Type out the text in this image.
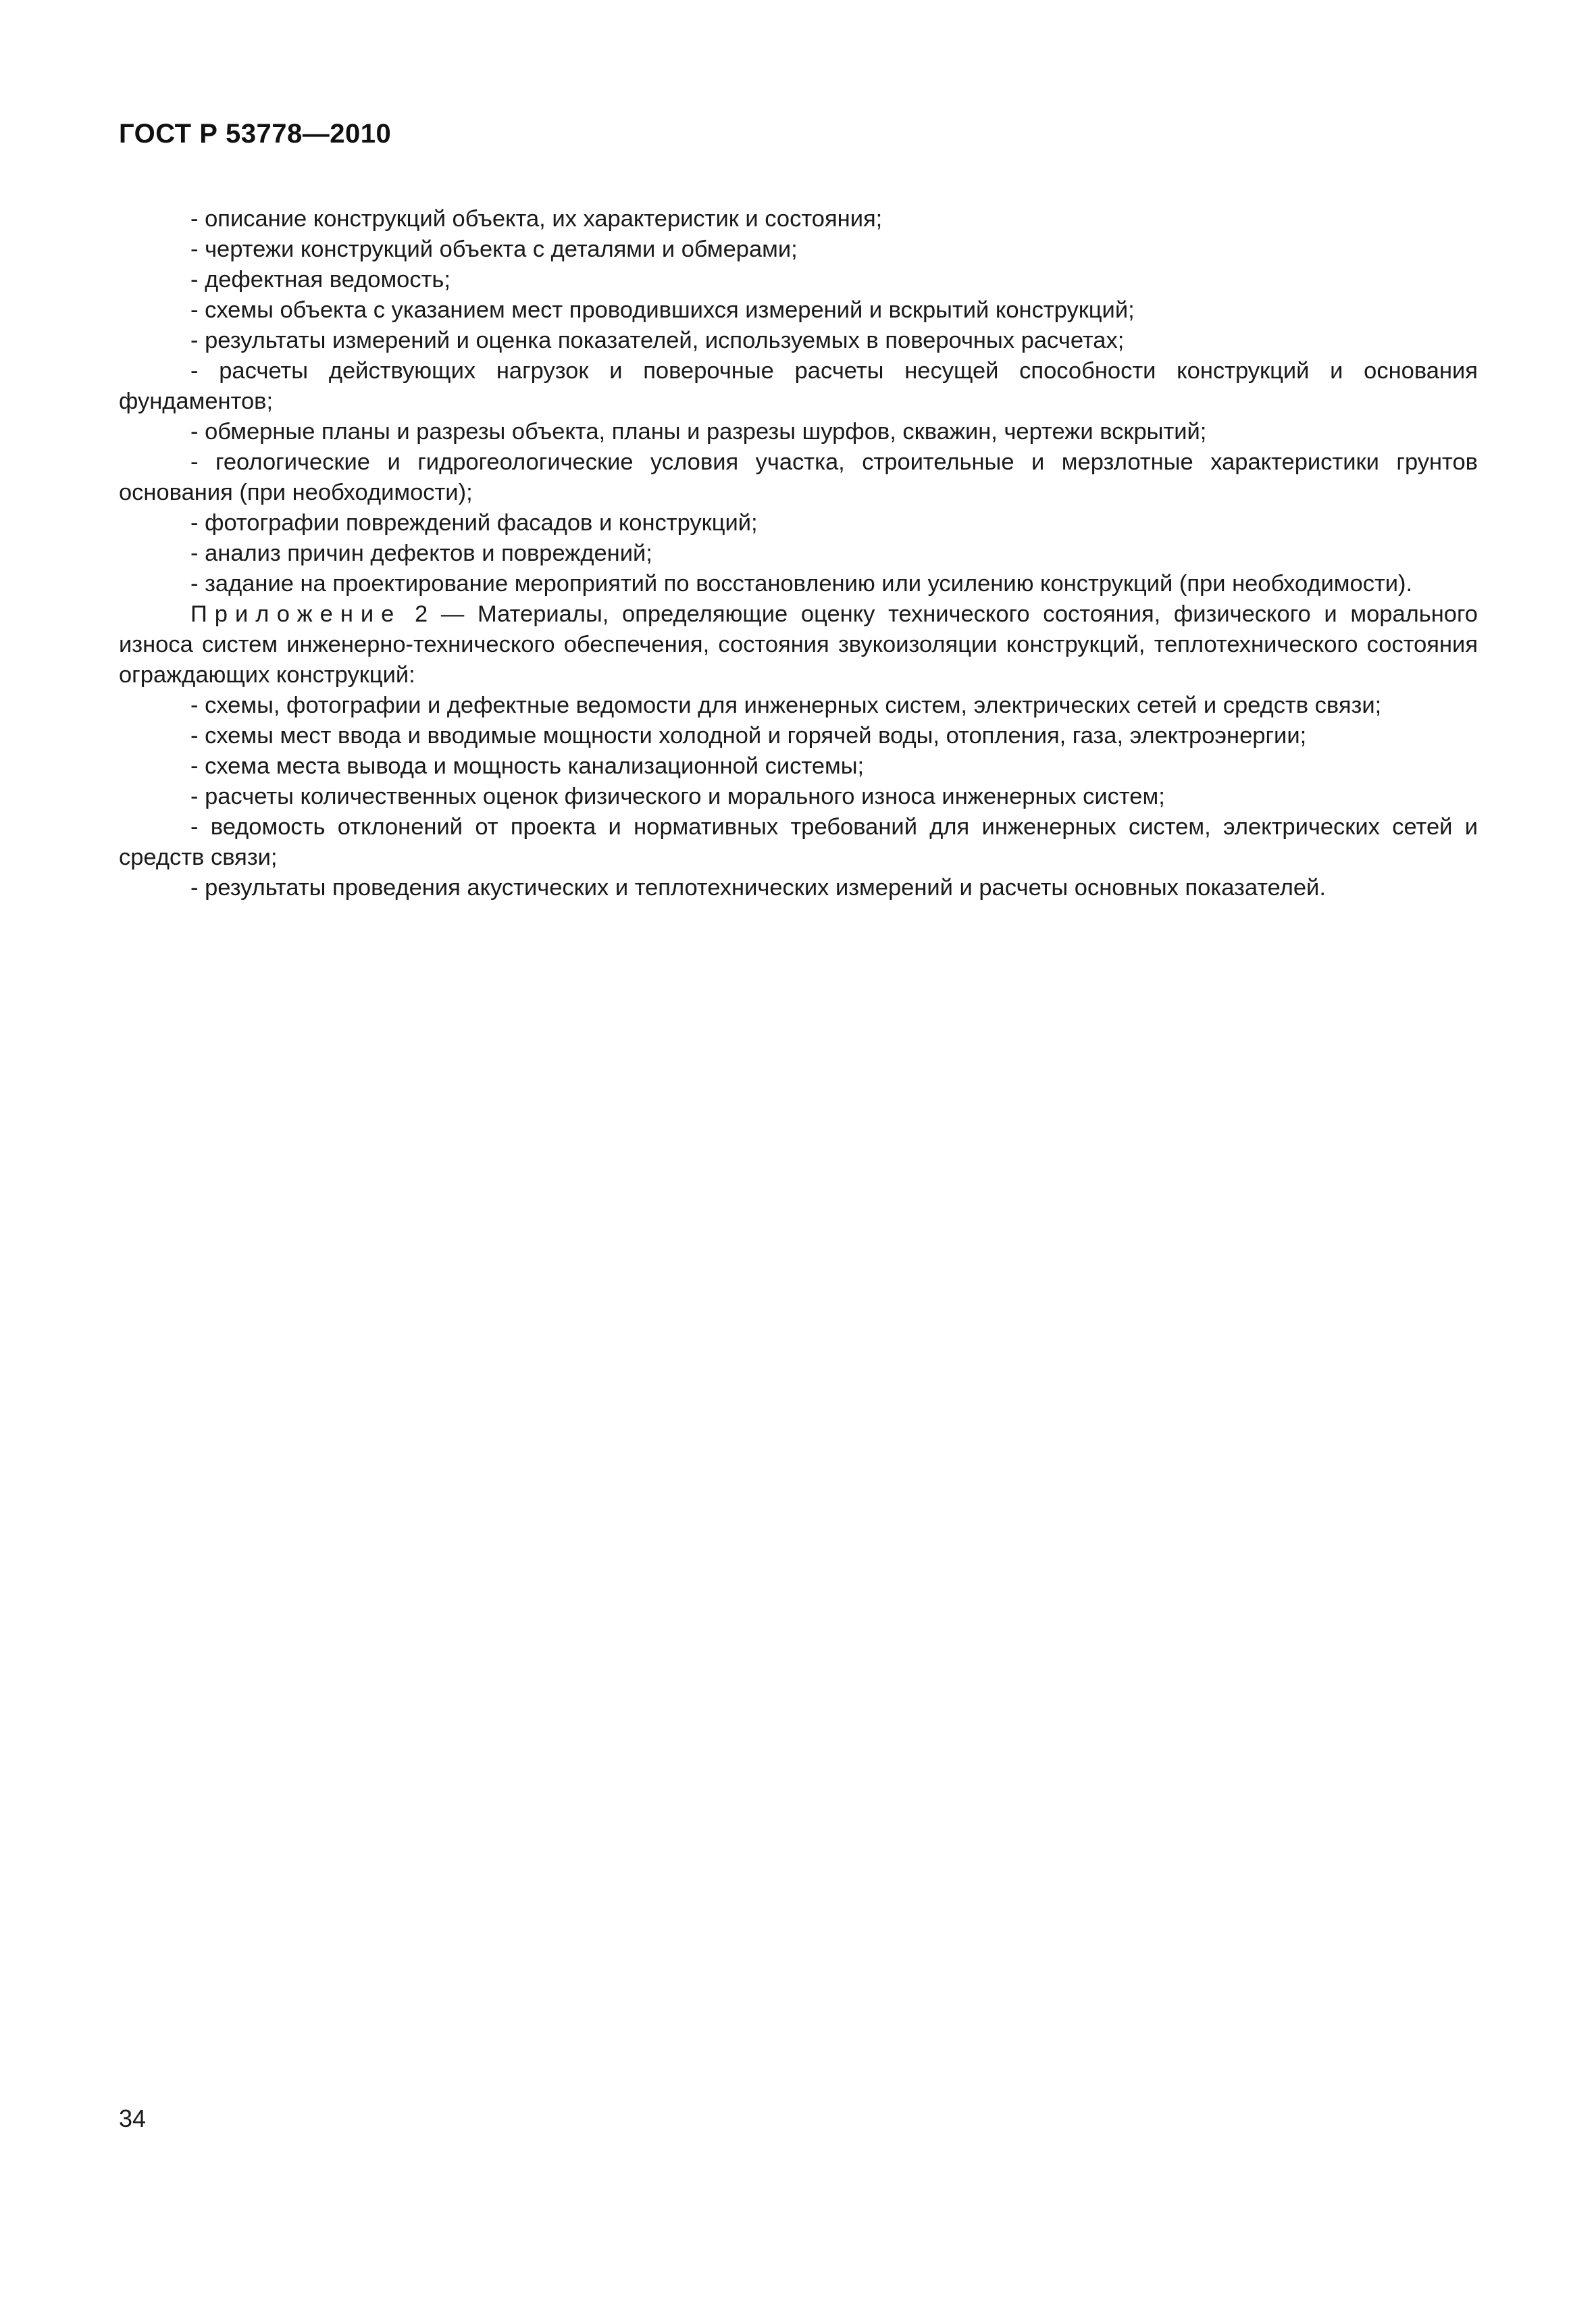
ГОСТ Р 53778—2010

- описание конструкций объекта, их характеристик и состояния;

- чертежи конструкций объекта с деталями и обмерами;

- дефектная ведомость;

- схемы объекта с указанием мест проводившихся измерений и вскрытий конструкций;

- результаты измерений и оценка показателей, используемых в поверочных расчетах;

- расчеты действующих нагрузок и поверочные расчеты несущей способности конструкций и основания фундаментов;

- обмерные планы и разрезы объекта, планы и разрезы шурфов, скважин, чертежи вскрытий;

- геологические и гидрогеологические условия участка, строительные и мерзлотные характеристики грунтов основания (при необходимости);

- фотографии повреждений фасадов и конструкций;

- анализ причин дефектов и повреждений;

- задание на проектирование мероприятий по восстановлению или усилению конструкций (при необходимости).

Приложение 2 — Материалы, определяющие оценку технического состояния, физического и морального износа систем инженерно-технического обеспечения, состояния звукоизоляции конструкций, теплотехнического состояния ограждающих конструкций:

- схемы, фотографии и дефектные ведомости для инженерных систем, электрических сетей и средств связи;

- схемы мест ввода и вводимые мощности холодной и горячей воды, отопления, газа, электроэнергии;

- схема места вывода и мощность канализационной системы;

- расчеты количественных оценок физического и морального износа инженерных систем;

- ведомость отклонений от проекта и нормативных требований для инженерных систем, электрических сетей и средств связи;

- результаты проведения акустических и теплотехнических измерений и расчеты основных показателей.

34
